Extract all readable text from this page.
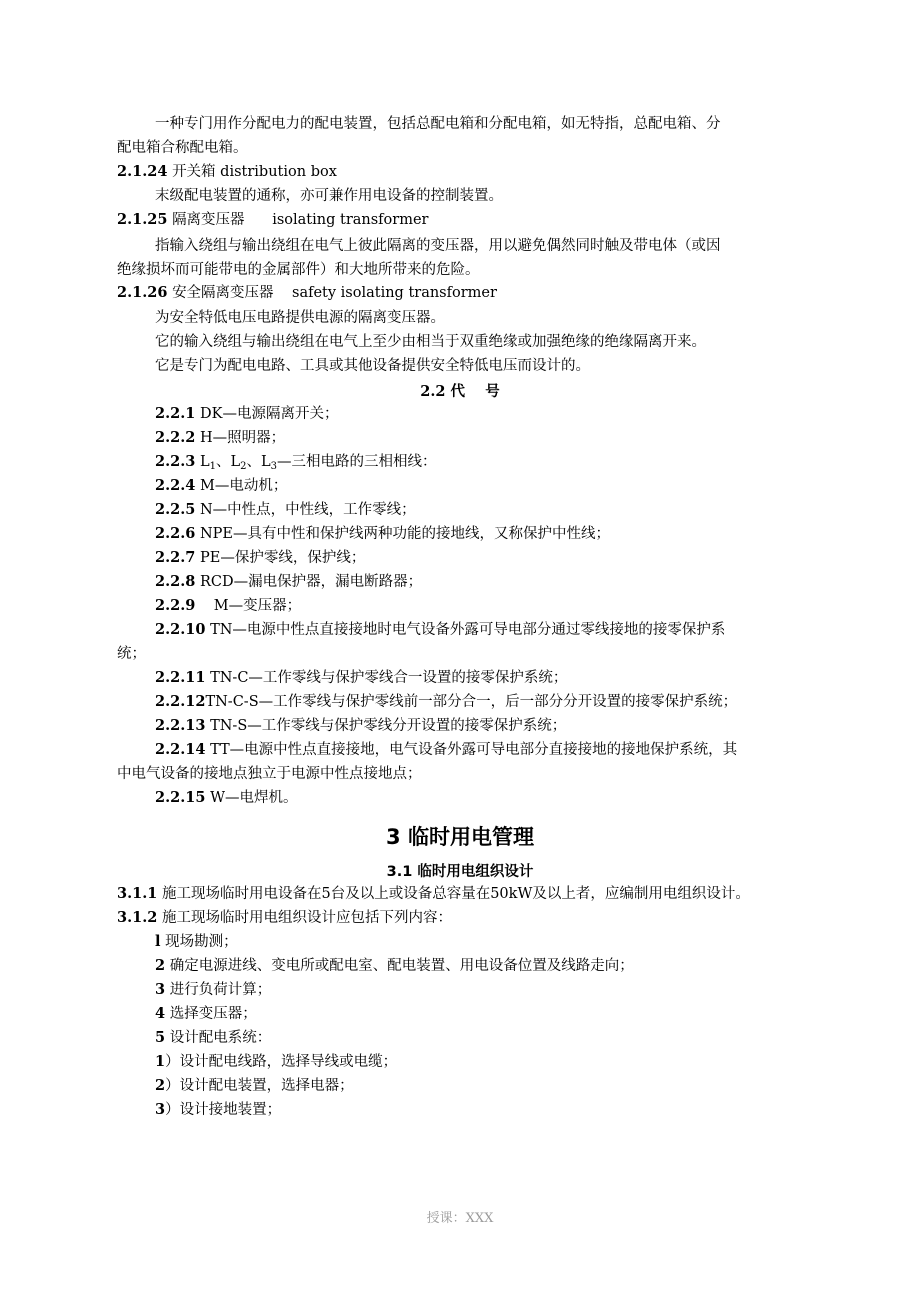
一种专门用作分配电力的配电装置，包括总配电箱和分配电箱，如无特指，总配电箱、分
配电箱合称配电箱。
2.1.24 开关箱 distribution box
末级配电装置的通称，亦可兼作用电设备的控制装置。
2.1.25 隔离变压器      isolating transformer
指输入绕组与输出绕组在电气上彼此隔离的变压器，用以避免偶然同时触及带电体（或因
绝缘损坏而可能带电的金属部件）和大地所带来的危险。
2.1.26 安全隔离变压器    safety isolating transformer
为安全特低电压电路提供电源的隔离变压器。
它的输入绕组与输出绕组在电气上至少由相当于双重绝缘或加强绝缘的绝缘隔离开来。
它是专门为配电电路、工具或其他设备提供安全特低电压而设计的。
2.2 代    号
2.2.1 DK—电源隔离开关；
2.2.2 H—照明器；
2.2.3 $L_1$、$L_2$、$L_3—$三相电路的三相相线：
2.2.4 M—电动机；
2.2.5 N—中性点，中性线，工作零线；
2.2.6 NPE—具有中性和保护线两种功能的接地线，又称保护中性线；
2.2.7 PE—保护零线，保护线；
2.2.8 RCD—漏电保护器，漏电断路器；
2.2.9    M—变压器；
2.2.10 TN—电源中性点直接接地时电气设备外露可导电部分通过零线接地的接零保护系
统；
2.2.11 TN-C—工作零线与保护零线合一设置的接零保护系统；
2.2.12TN-C-S—工作零线与保护零线前一部分合一，后一部分分开设置的接零保护系统；
2.2.13 TN-S—工作零线与保护零线分开设置的接零保护系统；
2.2.14 TT—电源中性点直接接地，电气设备外露可导电部分直接接地的接地保护系统，其
中电气设备的接地点独立于电源中性点接地点；
2.2.15 W—电焊机。
3 临时用电管理
3.1 临时用电组织设计
3.1.1 施工现场临时用电设备在5台及以上或设备总容量在50kW及以上者，应编制用电组织设计。
3.1.2 施工现场临时用电组织设计应包括下列内容：
l 现场勘测；
2 确定电源进线、变电所或配电室、配电装置、用电设备位置及线路走向；
3 进行负荷计算；
4 选择变压器；
5 设计配电系统：
1）设计配电线路，选择导线或电缆；
2）设计配电装置，选择电器；
3）设计接地装置；
授课：XXX
